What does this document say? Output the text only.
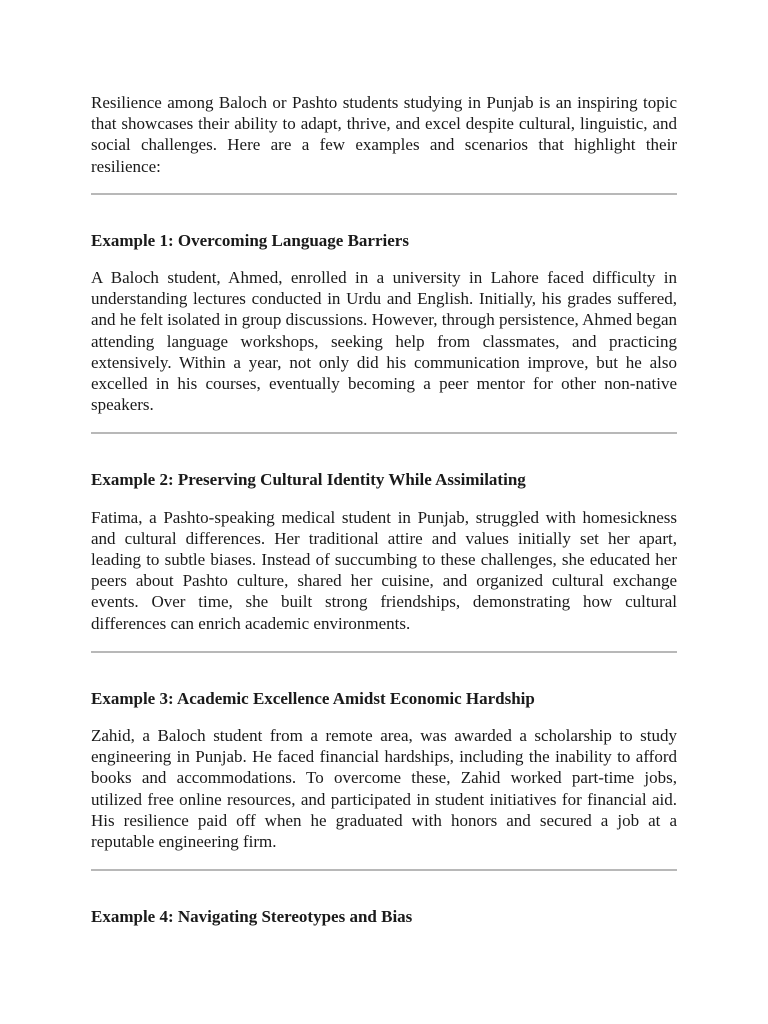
Resilience among Baloch or Pashto students studying in Punjab is an inspiring topic that showcases their ability to adapt, thrive, and excel despite cultural, linguistic, and social challenges. Here are a few examples and scenarios that highlight their resilience:

Example 1: Overcoming Language Barriers

A Baloch student, Ahmed, enrolled in a university in Lahore faced difficulty in understanding lectures conducted in Urdu and English. Initially, his grades suffered, and he felt isolated in group discussions. However, through persistence, Ahmed began attending language workshops, seeking help from classmates, and practicing extensively. Within a year, not only did his communication improve, but he also excelled in his courses, eventually becoming a peer mentor for other non-native speakers.

Example 2: Preserving Cultural Identity While Assimilating

Fatima, a Pashto-speaking medical student in Punjab, struggled with homesickness and cultural differences. Her traditional attire and values initially set her apart, leading to subtle biases. Instead of succumbing to these challenges, she educated her peers about Pashto culture, shared her cuisine, and organized cultural exchange events. Over time, she built strong friendships, demonstrating how cultural differences can enrich academic environments.

Example 3: Academic Excellence Amidst Economic Hardship

Zahid, a Baloch student from a remote area, was awarded a scholarship to study engineering in Punjab. He faced financial hardships, including the inability to afford books and accommodations. To overcome these, Zahid worked part-time jobs, utilized free online resources, and participated in student initiatives for financial aid. His resilience paid off when he graduated with honors and secured a job at a reputable engineering firm.

Example 4: Navigating Stereotypes and Bias
